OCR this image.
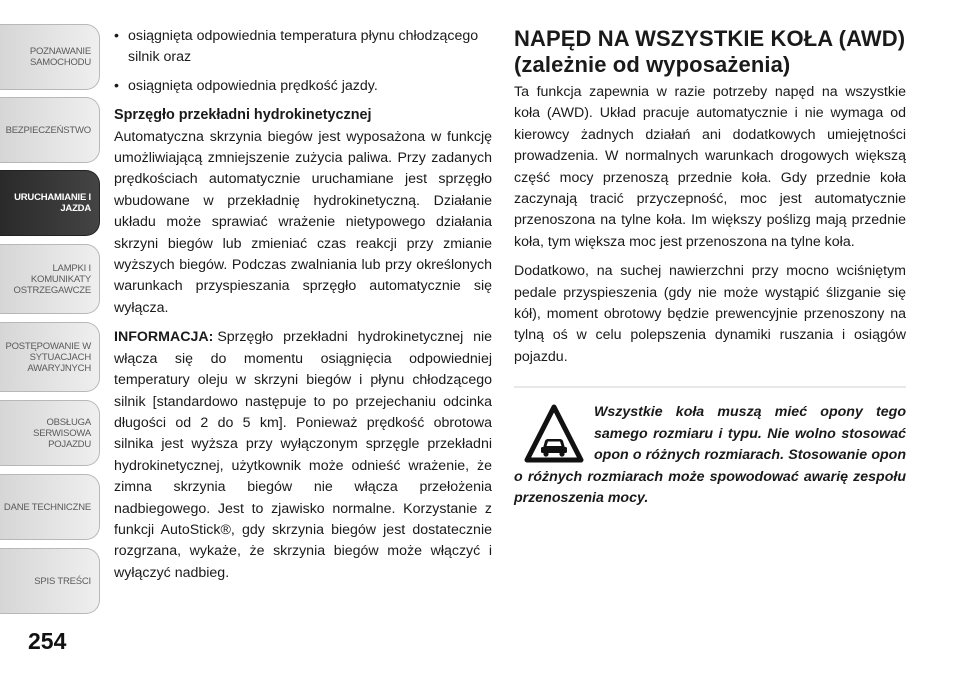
POZNAWANIE SAMOCHODU
BEZPIECZEŃSTWO
URUCHAMIANIE I JAZDA
LAMPKI I KOMUNIKATY OSTRZEGAWCZE
POSTĘPOWANIE W SYTUACJACH AWARYJNYCH
OBSŁUGA SERWISOWA POJAZDU
DANE TECHNICZNE
SPIS TREŚCI
254
• osiągnięta odpowiednia temperatura płynu chłodzącego silnik oraz
• osiągnięta odpowiednia prędkość jazdy.
Sprzęgło przekładni hydrokinetycznej

Automatyczna skrzynia biegów jest wyposażona w funkcję umożliwiającą zmniejszenie zużycia paliwa. Przy zadanych prędkościach automatycznie uruchamiane jest sprzęgło wbudowane w przekładnię hydrokinetyczną. Działanie układu może sprawiać wrażenie nietypowego działania skrzyni biegów lub zmieniać czas reakcji przy zmianie wyższych biegów. Podczas zwalniania lub przy określonych warunkach przyspieszania sprzęgło automatycznie się wyłącza.

INFORMACJA: Sprzęgło przekładni hydrokinetycznej nie włącza się do momentu osiągnięcia odpowiedniej temperatury oleju w skrzyni biegów i płynu chłodzącego silnik [standardowo następuje to po przejechaniu odcinka długości od 2 do 5 km]. Ponieważ prędkość obrotowa silnika jest wyższa przy wyłączonym sprzęgle przekładni hydrokinetycznej, użytkownik może odnieść wrażenie, że zimna skrzynia biegów nie włącza przełożenia nadbiegowego. Jest to zjawisko normalne. Korzystanie z funkcji AutoStick®, gdy skrzynia biegów jest dostatecznie rozgrzana, wykaże, że skrzynia biegów może włączyć i wyłączyć nadbieg.

NAPĘD NA WSZYSTKIE KOŁA (AWD) (zależnie od wyposażenia)

Ta funkcja zapewnia w razie potrzeby napęd na wszystkie koła (AWD). Układ pracuje automatycznie i nie wymaga od kierowcy żadnych działań ani dodatkowych umiejętności prowadzenia. W normalnych warunkach drogowych większą część mocy przenoszą przednie koła. Gdy przednie koła zaczynają tracić przyczepność, moc jest automatycznie przenoszona na tylne koła. Im większy poślizg mają przednie koła, tym większa moc jest przenoszona na tylne koła.

Dodatkowo, na suchej nawierzchni przy mocno wciśniętym pedale przyspieszenia (gdy nie może wystąpić ślizganie się kół), moment obrotowy będzie prewencyjnie przenoszony na tylną oś w celu polepszenia dynamiki ruszania i osiągów pojazdu.

Wszystkie koła muszą mieć opony tego samego rozmiaru i typu. Nie wolno stosować opon o różnych rozmiarach. Stosowanie opon o różnych rozmiarach może spowodować awarię zespołu przenoszenia mocy.
